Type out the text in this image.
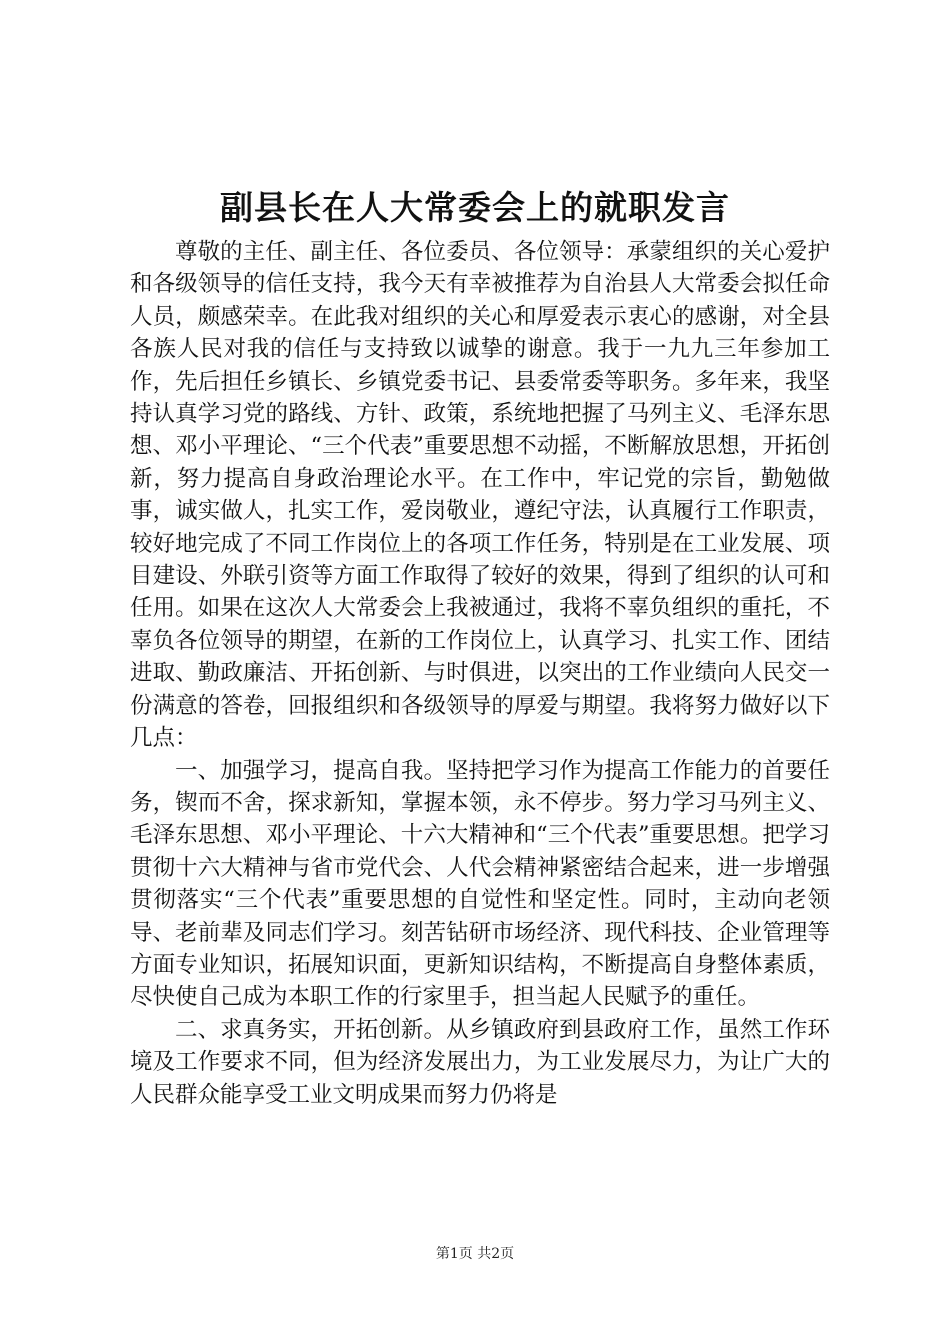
副县长在人大常委会上的就职发言

尊敬的主任、副主任、各位委员、各位领导：承蒙组织的关心爱护和各级领导的信任支持，我今天有幸被推荐为自治县人大常委会拟任命人员，颇感荣幸。在此我对组织的关心和厚爱表示衷心的感谢，对全县各族人民对我的信任与支持致以诚挚的谢意。我于一九九三年参加工作，先后担任乡镇长、乡镇党委书记、县委常委等职务。多年来，我坚持认真学习党的路线、方针、政策，系统地把握了马列主义、毛泽东思想、邓小平理论、“三个代表”重要思想不动摇，不断解放思想，开拓创新，努力提高自身政治理论水平。在工作中，牢记党的宗旨，勤勉做事，诚实做人，扎实工作，爱岗敬业，遵纪守法，认真履行工作职责，较好地完成了不同工作岗位上的各项工作任务，特别是在工业发展、项目建设、外联引资等方面工作取得了较好的效果，得到了组织的认可和任用。如果在这次人大常委会上我被通过，我将不辜负组织的重托，不辜负各位领导的期望，在新的工作岗位上，认真学习、扎实工作、团结进取、勤政廉洁、开拓创新、与时俱进，以突出的工作业绩向人民交一份满意的答卷，回报组织和各级领导的厚爱与期望。我将努力做好以下几点：

一、加强学习，提高自我。坚持把学习作为提高工作能力的首要任务，锲而不舍，探求新知，掌握本领，永不停步。努力学习马列主义、毛泽东思想、邓小平理论、十六大精神和“三个代表”重要思想。把学习贯彻十六大精神与省市党代会、人代会精神紧密结合起来，进一步增强贯彻落实“三个代表”重要思想的自觉性和坚定性。同时，主动向老领导、老前辈及同志们学习。刻苦钻研市场经济、现代科技、企业管理等方面专业知识，拓展知识面，更新知识结构，不断提高自身整体素质，尽快使自己成为本职工作的行家里手，担当起人民赋予的重任。

二、求真务实，开拓创新。从乡镇政府到县政府工作，虽然工作环境及工作要求不同，但为经济发展出力，为工业发展尽力，为让广大的人民群众能享受工业文明成果而努力仍将是

第1页 共2页
